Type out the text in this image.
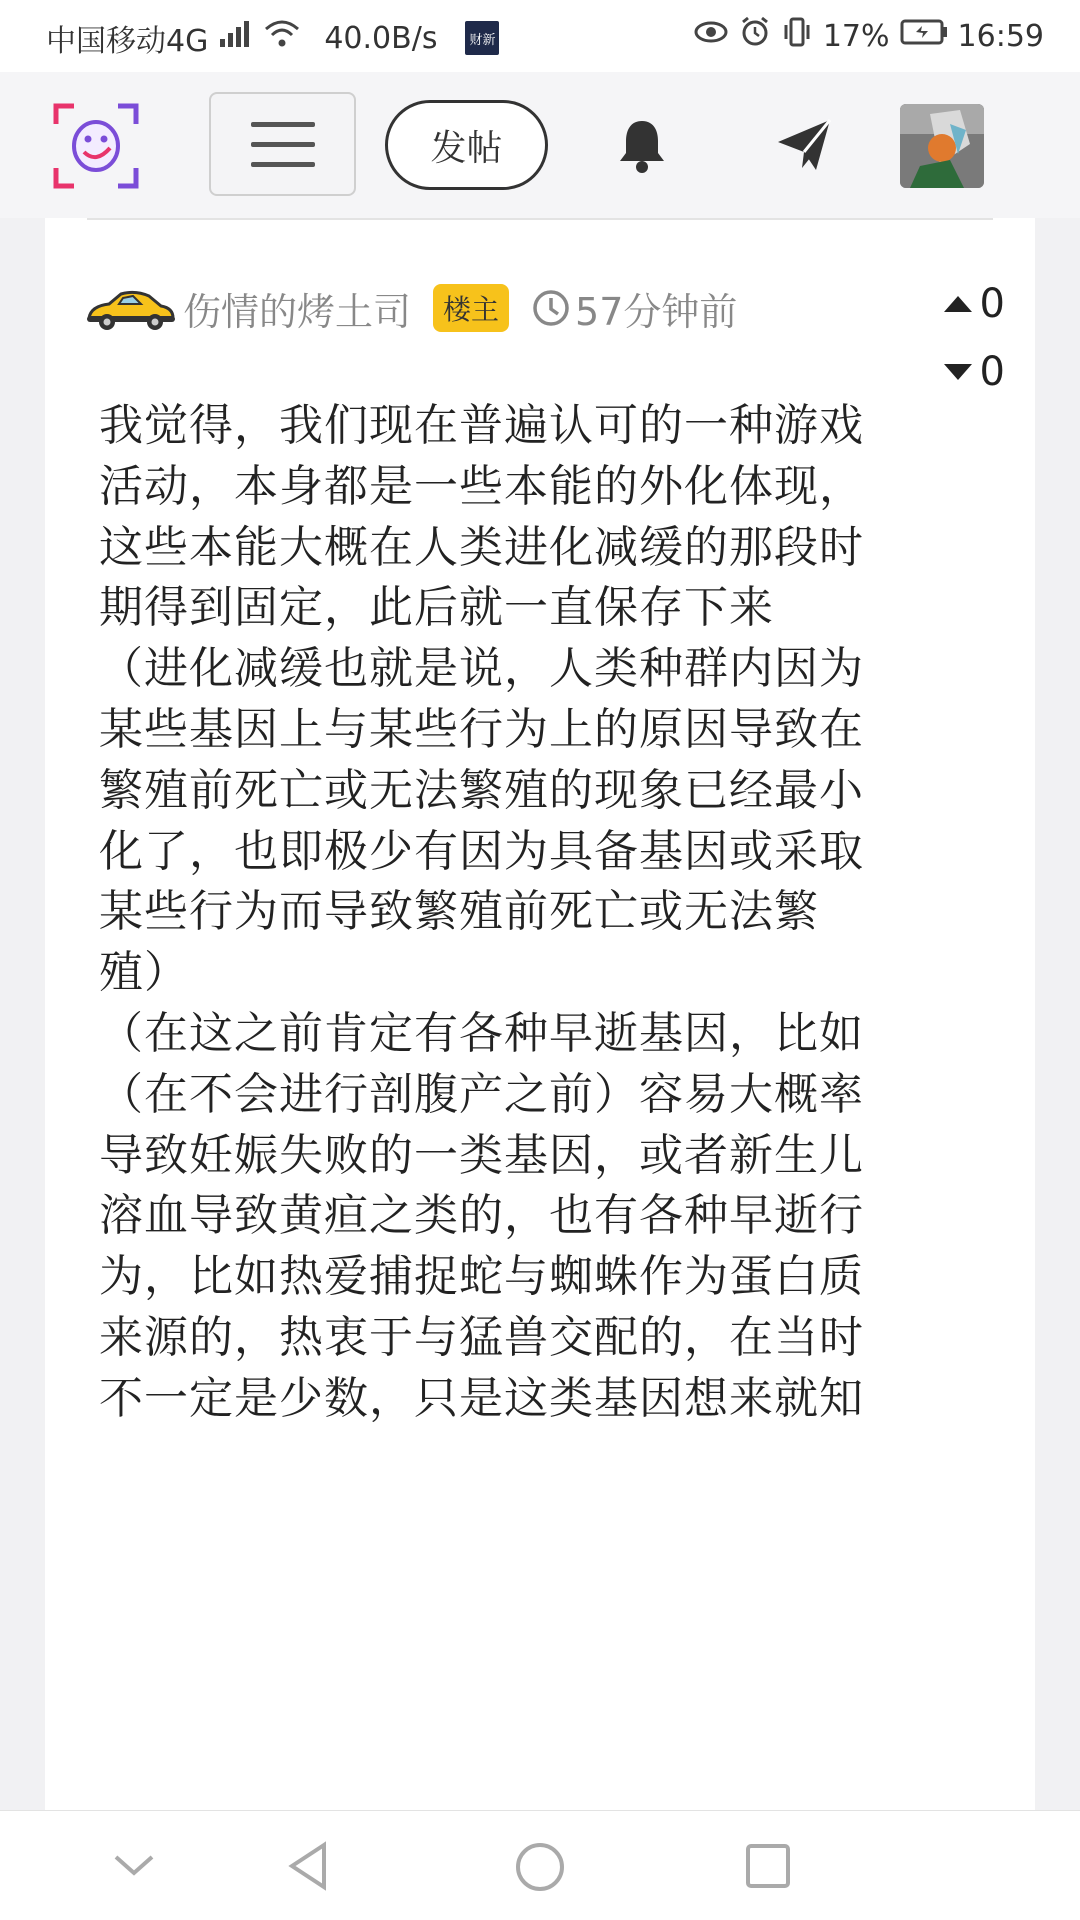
中国移动4G	40.0B/s	财新	17% 16:59
发帖
伤情的烤土司	楼主 57分钟前	0
0

我觉得，我们现在普遍认可的一种游戏活动，本身都是一些本能的外化体现，这些本能大概在人类进化减缓的那段时期得到固定，此后就一直保存下来

（进化减缓也就是说，人类种群内因为某些基因上与某些行为上的原因导致在繁殖前死亡或无法繁殖的现象已经最小化了，也即极少有因为具备基因或采取某些行为而导致繁殖前死亡或无法繁殖）

（在这之前肯定有各种早逝基因，比如（在不会进行剖腹产之前）容易大概率导致妊娠失败的一类基因，或者新生儿溶血导致黄疸之类的，也有各种早逝行为，比如热爱捕捉蛇与蜘蛛作为蛋白质来源的，热衷于与猛兽交配的，在当时不一定是少数，只是这类基因想来就知
